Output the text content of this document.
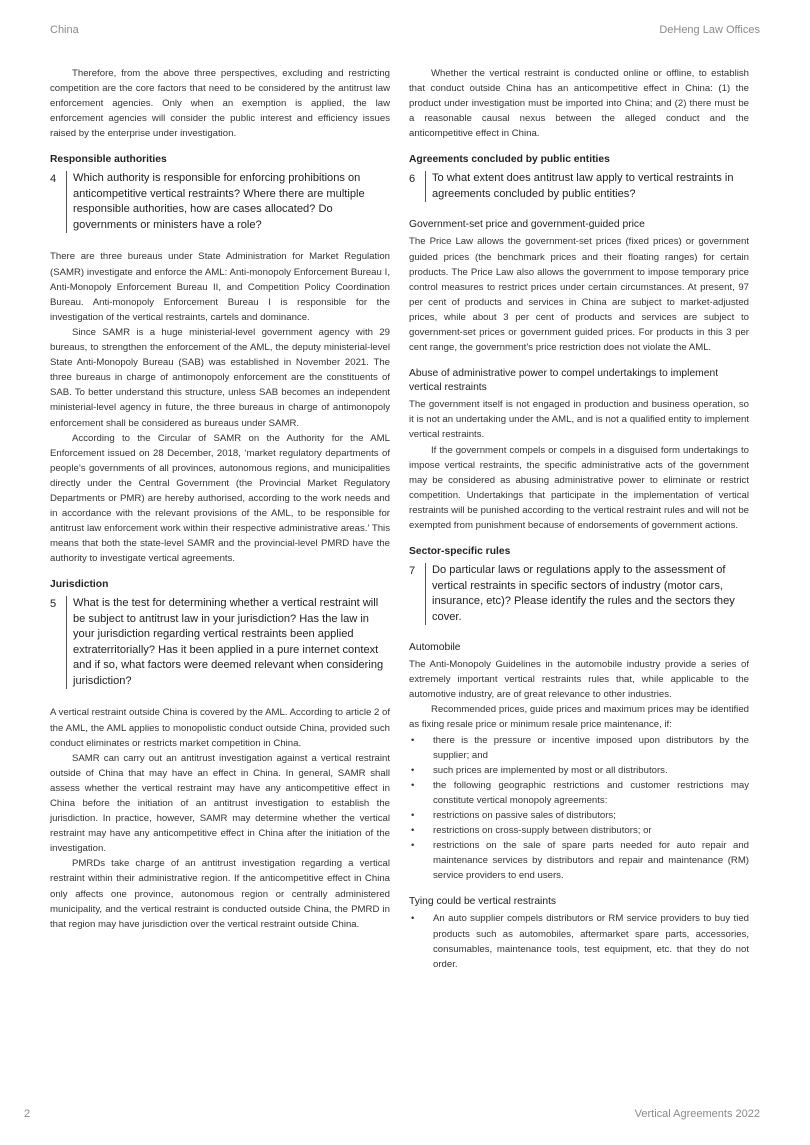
China	DeHeng Law Offices

Therefore, from the above three perspectives, excluding and restricting competition are the core factors that need to be considered by the antitrust law enforcement agencies. Only when an exemption is applied, the law enforcement agencies will consider the public interest and efficiency issues raised by the enterprise under investigation.

Responsible authorities
4	Which authority is responsible for enforcing prohibitions on anticompetitive vertical restraints? Where there are multiple responsible authorities, how are cases allocated? Do governments or ministers have a role?

There are three bureaus under State Administration for Market Regulation (SAMR) investigate and enforce the AML: Anti-monopoly Enforcement Bureau I, Anti-Monopoly Enforcement Bureau II, and Competition Policy Coordination Bureau. Anti-monopoly Enforcement Bureau I is responsible for the investigation of the vertical restraints, cartels and dominance.

Since SAMR is a huge ministerial-level government agency with 29 bureaus, to strengthen the enforcement of the AML, the deputy ministerial-level State Anti-Monopoly Bureau (SAB) was established in November 2021. The three bureaus in charge of antimonopoly enforcement are the constituents of SAB. To better understand this structure, unless SAB becomes an independent ministerial-level agency in future, the three bureaus in charge of antimonopoly enforcement shall be considered as bureaus under SAMR.

According to the Circular of SAMR on the Authority for the AML Enforcement issued on 28 December, 2018, ‘market regulatory departments of people’s governments of all provinces, autonomous regions, and municipalities directly under the Central Government (the Provincial Market Regulatory Departments or PMR) are hereby authorised, according to the work needs and in accordance with the relevant provisions of the AML, to be responsible for antitrust law enforcement work within their respective administrative areas.’ This means that both the state-level SAMR and the provincial-level PMRD have the authority to investigate vertical agreements.

Jurisdiction
5	What is the test for determining whether a vertical restraint will be subject to antitrust law in your jurisdiction? Has the law in your jurisdiction regarding vertical restraints been applied extraterritorially? Has it been applied in a pure internet context and if so, what factors were deemed relevant when considering jurisdiction?

A vertical restraint outside China is covered by the AML. According to article 2 of the AML, the AML applies to monopolistic conduct outside China, provided such conduct eliminates or restricts market competition in China.

SAMR can carry out an antitrust investigation against a vertical restraint outside of China that may have an effect in China. In general, SAMR shall assess whether the vertical restraint may have any anticompetitive effect in China before the initiation of an antitrust investigation to establish the jurisdiction. In practice, however, SAMR may determine whether the vertical restraint may have any anticompetitive effect in China after the initiation of the investigation.

PMRDs take charge of an antitrust investigation regarding a vertical restraint within their administrative region. If the anticompetitive effect in China only affects one province, autonomous region or centrally administered municipality, and the vertical restraint is conducted outside China, the PMRD in that region may have jurisdiction over the vertical restraint outside China.

Whether the vertical restraint is conducted online or offline, to establish that conduct outside China has an anticompetitive effect in China: (1) the product under investigation must be imported into China; and (2) there must be a reasonable causal nexus between the alleged conduct and the anticompetitive effect in China.

Agreements concluded by public entities
6	To what extent does antitrust law apply to vertical restraints in agreements concluded by public entities?
Government-set price and government-guided price

The Price Law allows the government-set prices (fixed prices) or government guided prices (the benchmark prices and their floating ranges) for certain products. The Price Law also allows the government to impose temporary price control measures to restrict prices under certain circumstances. At present, 97 per cent of products and services in China are subject to market-adjusted prices, while about 3 per cent of products and services are subject to government-set prices or government guided prices. For products in this 3 per cent range, the government’s price restriction does not violate the AML.

Abuse of administrative power to compel undertakings to implement vertical restraints

The government itself is not engaged in production and business operation, so it is not an undertaking under the AML, and is not a qualified entity to implement vertical restraints.

If the government compels or compels in a disguised form undertakings to impose vertical restraints, the specific administrative acts of the government may be considered as abusing administrative power to eliminate or restrict competition. Undertakings that participate in the implementation of vertical restraints will be punished according to the vertical restraint rules and will not be exempted from punishment because of endorsements of government actions.

Sector-specific rules
7	Do particular laws or regulations apply to the assessment of vertical restraints in specific sectors of industry (motor cars, insurance, etc)? Please identify the rules and the sectors they cover.
Automobile

The Anti-Monopoly Guidelines in the automobile industry provide a series of extremely important vertical restraints rules that, while applicable to the automotive industry, are of great relevance to other industries.

Recommended prices, guide prices and maximum prices may be identified as fixing resale price or minimum resale price maintenance, if:

• there is the pressure or incentive imposed upon distributors by the supplier; and
• such prices are implemented by most or all distributors.
• the following geographic restrictions and customer restrictions may constitute vertical monopoly agreements:
• restrictions on passive sales of distributors;
• restrictions on cross-supply between distributors; or
• restrictions on the sale of spare parts needed for auto repair and maintenance services by distributors and repair and maintenance (RM) service providers to end users.
Tying could be vertical restraints
• An auto supplier compels distributors or RM service providers to buy tied products such as automobiles, aftermarket spare parts, accessories, consumables, maintenance tools, test equipment, etc. that they do not order.
2	Vertical Agreements 2022
